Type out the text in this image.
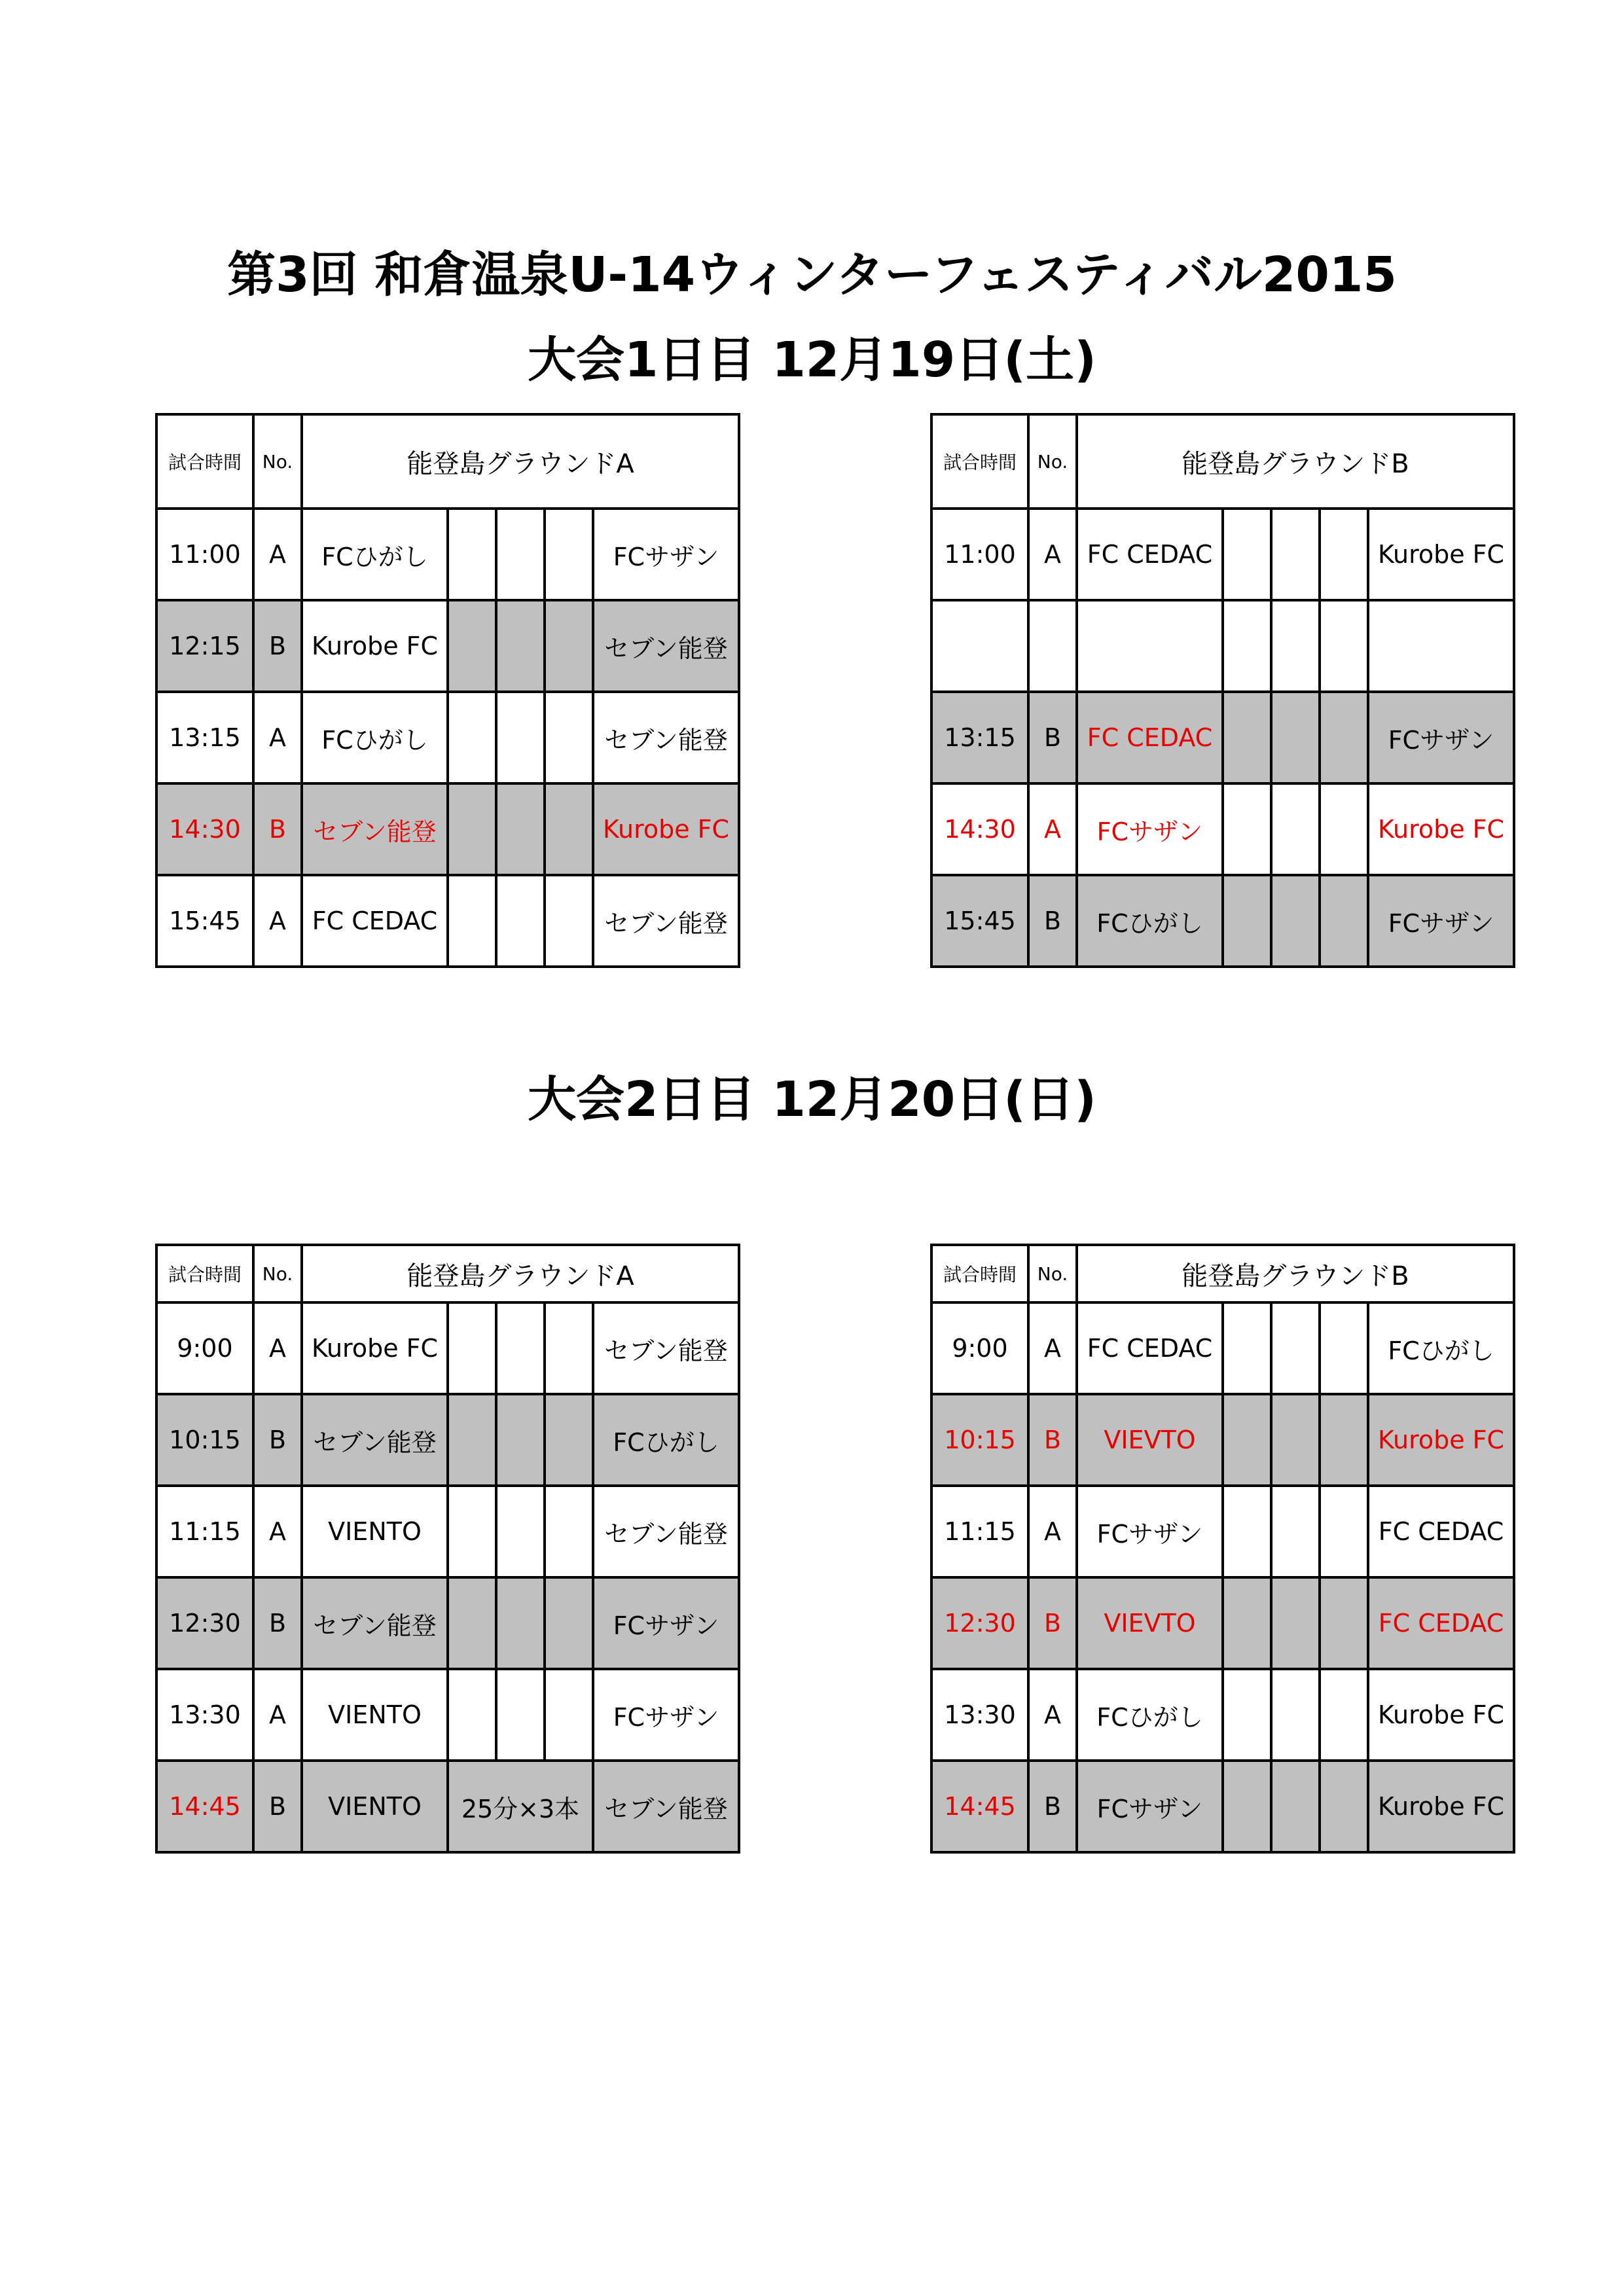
第3回 和倉温泉U-14ウィンターフェスティバル2015
大会1日目 12月19日(土)
大会2日目 12月20日(日)
試合時間	No.	能登島グラウンドA				
11:00	A	FCひがし				FCサザン
12:15	B	Kurobe FC				セブン能登
13:15	A	FCひがし				セブン能登
14:30	B	セブン能登				Kurobe FC
15:45	A	FC CEDAC				セブン能登
試合時間	No.	能登島グラウンドB				
11:00	A	FC CEDAC				Kurobe FC

13:15	B	FC CEDAC				FCサザン
14:30	A	FCサザン				Kurobe FC
15:45	B	FCひがし				FCサザン
試合時間	No.	能登島グラウンドA				
9:00	A	Kurobe FC				セブン能登
10:15	B	セブン能登				FCひがし
11:15	A	VIENTO				セブン能登
12:30	B	セブン能登				FCサザン
13:30	A	VIENTO				FCサザン
14:45	B	VIENTO	25分×3本			セブン能登
試合時間	No.	能登島グラウンドB				
9:00	A	FC CEDAC				FCひがし
10:15	B	VIEVTO				Kurobe FC
11:15	A	FCサザン				FC CEDAC
12:30	B	VIEVTO				FC CEDAC
13:30	A	FCひがし				Kurobe FC
14:45	B	FCサザン				Kurobe FC
